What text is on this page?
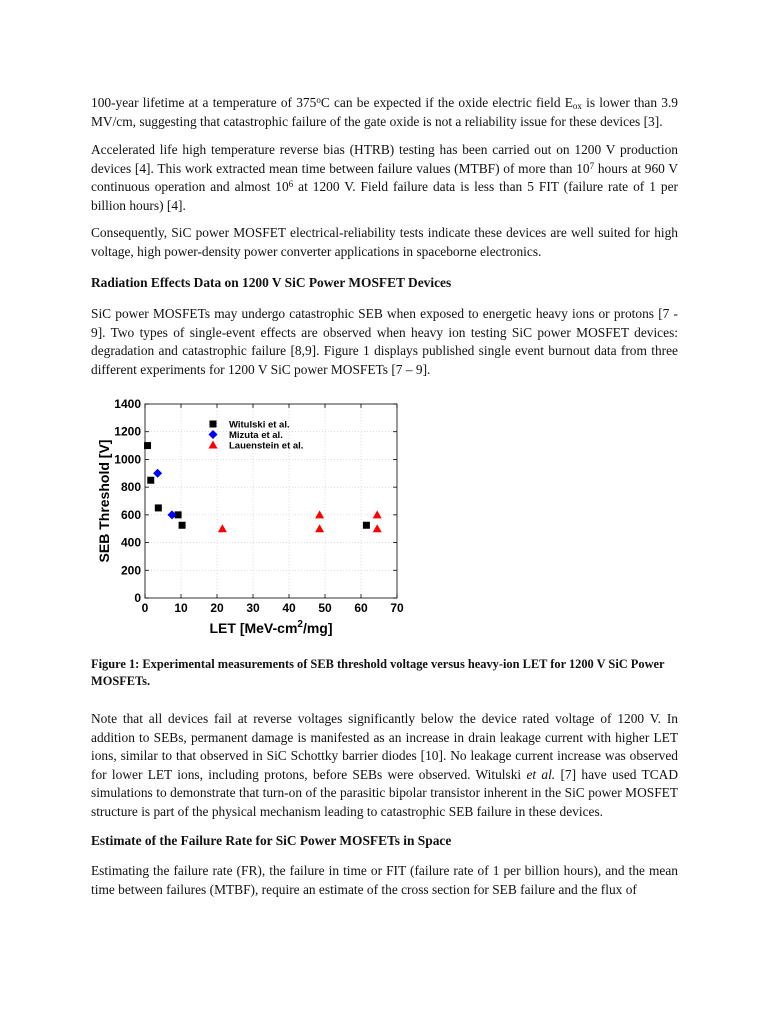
100-year lifetime at a temperature of 375$^o$C can be expected if the oxide electric field $E_{ox}$ is lower than 3.9 MV/cm, suggesting that catastrophic failure of the gate oxide is not a reliability issue for these devices [3].

Accelerated life high temperature reverse bias (HTRB) testing has been carried out on 1200 V production devices [4]. This work extracted mean time between failure values (MTBF) of more than $10^7$ hours at 960 V continuous operation and almost $10^6$ at 1200 V. Field failure data is less than 5 FIT (failure rate of 1 per billion hours) [4].

Consequently, SiC power MOSFET electrical-reliability tests indicate these devices are well suited for high voltage, high power-density power converter applications in spaceborne electronics.

Radiation Effects Data on 1200 V SiC Power MOSFET Devices

SiC power MOSFETs may undergo catastrophic SEB when exposed to energetic heavy ions or protons [7 - 9]. Two types of single-event effects are observed when heavy ion testing SiC power MOSFET devices: degradation and catastrophic failure [8,9]. Figure 1 displays published single event burnout data from three different experiments for 1200 V SiC power MOSFETs [7 – 9].

0 10 20 30 40 50 60 70
0
200
400
600
800
1000
1200
1400
SEB Threshold [V]
LET $[MeV-cm^2/mg]$
Witulski et al.
Mizuta et al.
Lauenstein et al.

Figure 1: Experimental measurements of SEB threshold voltage versus heavy-ion LET for 1200 V SiC Power MOSFETs.

Note that all devices fail at reverse voltages significantly below the device rated voltage of 1200 V. In addition to SEBs, permanent damage is manifested as an increase in drain leakage current with higher LET ions, similar to that observed in SiC Schottky barrier diodes [10]. No leakage current increase was observed for lower LET ions, including protons, before SEBs were observed. Witulski et al. [7] have used TCAD simulations to demonstrate that turn-on of the parasitic bipolar transistor inherent in the SiC power MOSFET structure is part of the physical mechanism leading to catastrophic SEB failure in these devices.

Estimate of the Failure Rate for SiC Power MOSFETs in Space

Estimating the failure rate (FR), the failure in time or FIT (failure rate of 1 per billion hours), and the mean time between failures (MTBF), require an estimate of the cross section for SEB failure and the flux of
